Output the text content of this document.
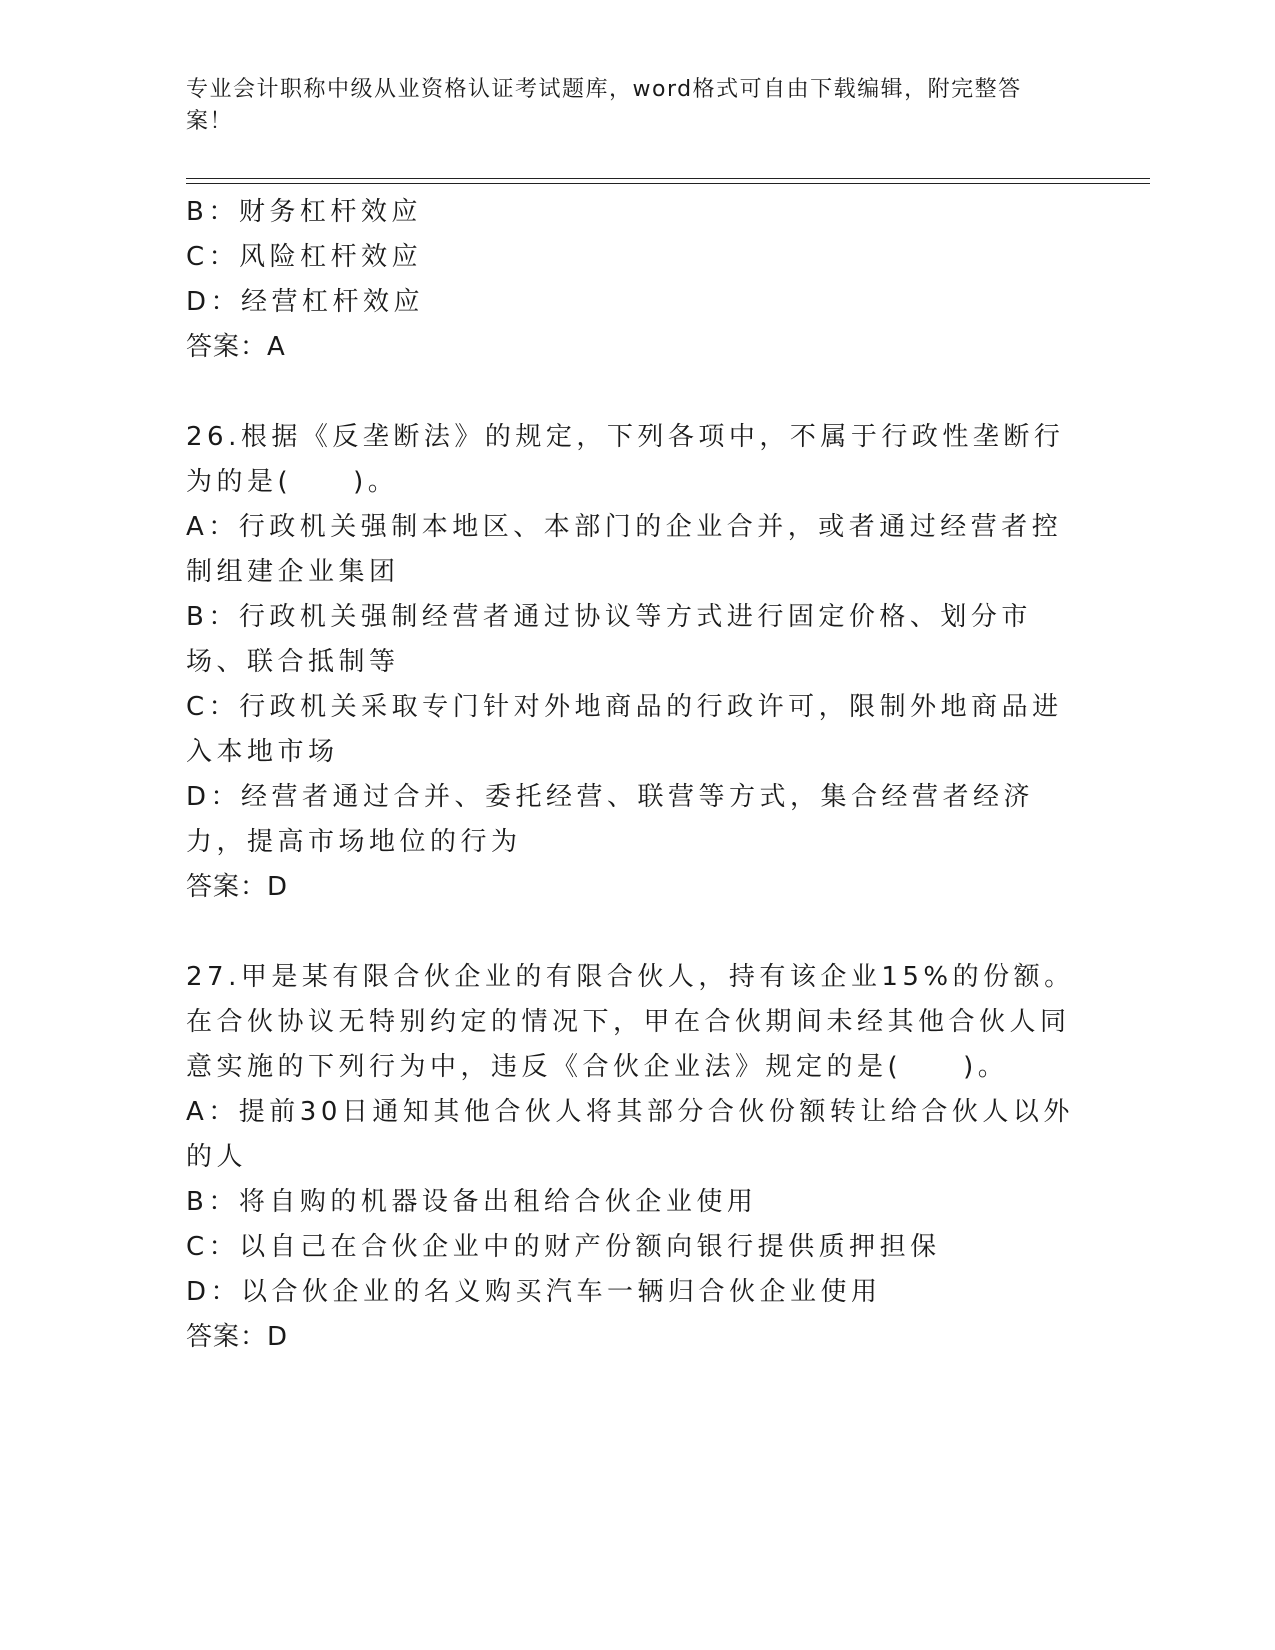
专业会计职称中级从业资格认证考试题库，word格式可自由下载编辑，附完整答案！

B：财务杠杆效应

C：风险杠杆效应

D：经营杠杆效应

答案：A

26.根据《反垄断法》的规定，下列各项中，不属于行政性垄断行为的是(　　)。

A：行政机关强制本地区、本部门的企业合并，或者通过经营者控制组建企业集团

B：行政机关强制经营者通过协议等方式进行固定价格、划分市场、联合抵制等

C：行政机关采取专门针对外地商品的行政许可，限制外地商品进入本地市场

D：经营者通过合并、委托经营、联营等方式，集合经营者经济力，提高市场地位的行为

答案：D

27.甲是某有限合伙企业的有限合伙人，持有该企业15%的份额。在合伙协议无特别约定的情况下，甲在合伙期间未经其他合伙人同意实施的下列行为中，违反《合伙企业法》规定的是(　　)。

A：提前30日通知其他合伙人将其部分合伙份额转让给合伙人以外的人

B：将自购的机器设备出租给合伙企业使用

C：以自己在合伙企业中的财产份额向银行提供质押担保

D：以合伙企业的名义购买汽车一辆归合伙企业使用

答案：D
